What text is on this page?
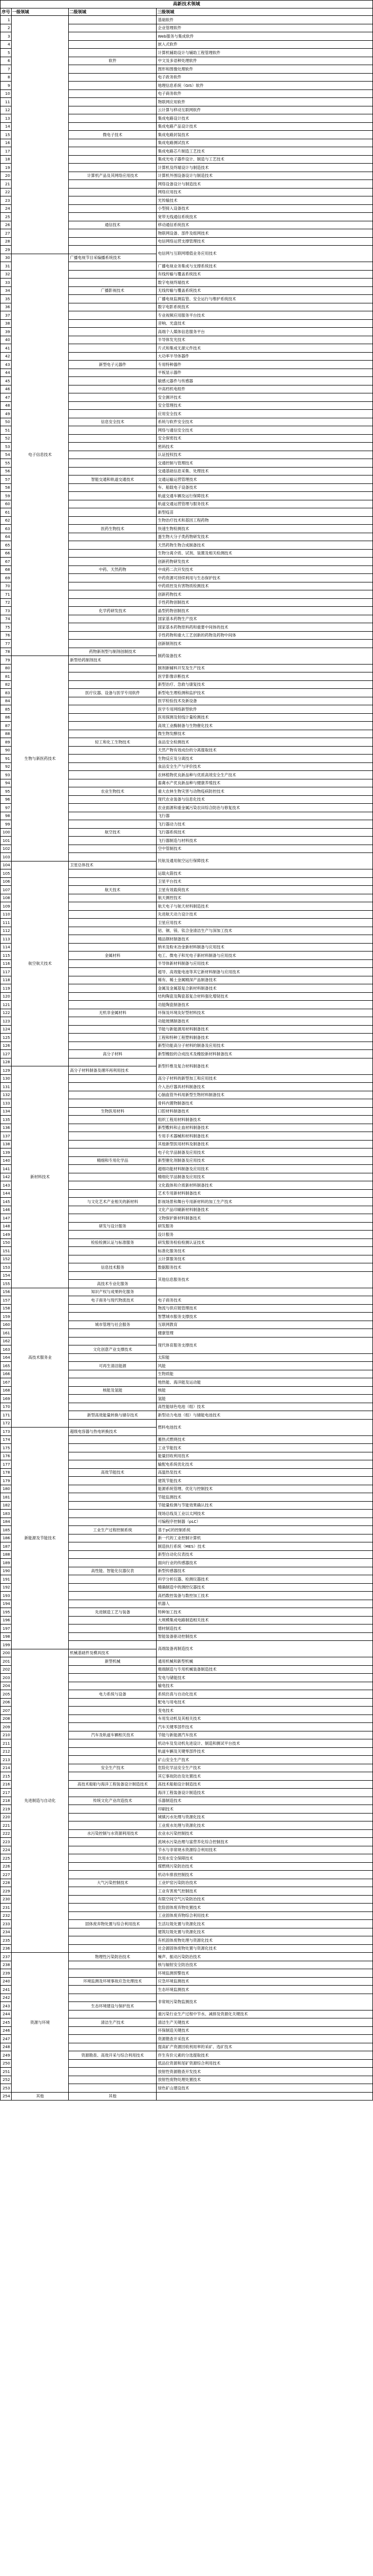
高新技术领域			
序号	一级领域	二级领域	三级领域
1			基础软件
2			企业管理软件
3			Web服务与集成软件
4			嵌入式软件
5			计算机辅助设计与辅助工程管理软件
6		软件	中文及多语种处理软件
7			图形和图像处理软件
8			电子政务软件
9			地理信息系统（GIS）软件
10			电子商务软件
11			物联网应用软件
12			云计算与移动互联网软件
13			集成电路设计技术
14			集成电路产品设计技术
15		微电子技术	集成电路封装技术
16			集成电路测试技术
17			集成电路芯片制造工艺技术
18			集成光电子器件设计、制造与工艺技术
19			计算机及终端设计与制造技术
20		计算机产品及其网络应用技术	计算机外围设备设计与制造技术
21			网络设备设计与制造技术
22			网络应用技术
23			光传输技术
24			小型接入设备技术
25			宽带无线通信系统技术
26		通信技术	移动通信系统技术
27			物联网设备、部件及组网技术
28			电信网络运营支撑管理技术
29			电信网与互联网增值业务应用技术
30	电子信息技术	广播电视节目采编播系统技术	
31			广播电视业务集成与支撑系统技术
32			有线传输与覆盖系统技术
33			数字电视终端技术
34		广播影视技术	无线传输与覆盖系统技术
35			广播电视监测监管、安全运行与维护系统技术
36			数字电影系统技术
37			专业视频应用服务平台技术
38			音响、光盘技术
39			高端个人媒体信息服务平台
40			半导体发光技术
41			片式和集成无源元件技术
42			大功率半导体器件
43		新型电子元器件	专用特种器件
44			平板显示器件
45			敏感元器件与传感器
46			中高档机电组件
47			安全测评技术
48			安全管理技术
49			应用安全技术
50		信息安全技术	系统与软件安全技术
51			网络与通信安全技术
52			安全保密技术
53			密码技术
54			认证授权技术
55			交通控制与管理技术
56			交通基础信息采集、处理技术
57		智能交通和轨道交通技术	交通运输运营管理技术
58			车、船载电子设备技术
59			轨道交通车辆及运行保障技术
60			轨道交通运营管理与服务技术
61			新型疫苗
62			生物治疗技术和基因工程药物
63		医药生物技术	快速生物检测技术
64			蛋生物大分子类药物研发技术
65			天然药物生物合成制备技术
66			生物分离介质、试剂、装置及相关检测技术
67			创新药物研发技术
68		中药、天然药物	中成药二次开发技术
69			中药资源可持续利用与生态保护技术
70			中药质控及有害物质检测技术
71			创新药物技术
72			手性药物创制技术
73		化学药研发技术	晶型药物创制技术
74			国家基本药物生产技术
75			国家基本药物原料药和重要中间体的技术
76			手性药物和重大工艺创新的药物及药物中间体
77			创新制剂技术
78		药物新剂型与制剂创制技术	制药装备技术
79	生物与新医药技术	新型给药制剂技术	
80			制剂新辅料开发及生产技术
81			医学影像诊断技术
82			新型治疗、急救与康复技术
83		医疗仪器、设备与医学专用软件	新型电生理检测和监护技术
84			医学检验技术及新设备
85			医学专用网络新型软件
86			医用探测及射线计量检测技术
87			高效工业酶制备与生物催化技术
88			微生物发酵技术
89		轻工和化工生物技术	食品安全检测技术
90			天然产物有效成份的分离提取技术
91			生物反应及分离技术
92			食品安全生产与评价技术
93			农林植物优良新品种与优质高效安全生产技术
94			畜禽水产优良新品种与健康养殖技术
95		农业生物技术	重大农林生物灾害与动物疫病防控技术
96			现代农业装备与信息化技术
97			农业面源和重金属污染农田综合防治与修复技术
98			飞行器
99			飞行器动力技术
100		航空技术	飞行器系统技术
101			飞行器制造与材料技术
102			空中管制技术
103			民航及通用航空运行保障技术
104	航空航天技术	卫星总体技术	
105			运载火箭技术
106			卫星平台技术
107		航天技术	卫星有效载荷技术
108			航天测控技术
109			航天电子与航天材料制造技术
110			先进航天动力设计技术
111			卫星应用技术
112			铝、铜、镁、钛合金清洁生产与深加工技术
113			精品钢材制备技术
114			纳米及粉末冶金新材料制备与应用技术
115		金属材料	电工、微电子和光电子新材料制备与应用技术
116			半导体新材料制备与应用技术
117			超导、高效能电池等其它新材料制备与应用技术
118			稀有、稀土金属精深产品制备技术
119			金属及金属基复合新材料制备技术
120			结构陶瓷及陶瓷基复合材料强化增韧技术
121			功能陶瓷制备技术
122		无机非金属材料	环保及环境友好型材料技术
123			功能玻璃制备技术
124			节能与新能源用材料制备技术
125			工程和特种工程塑料制备技术
126			新型功能高分子材料的制备及应用技术
127		高分子材料	新型橡胶的合成技术及橡胶新材料制备技术
128			新型纤维及复合材料制备技术
129	新材料技术	高分子材料制备及循环再利用技术	
130			高分子材料的新型加工和应用技术
131			介入治疗器具材料制备技术
132			心脑血管外科用新型生物材料制备技术
133			骨科内置物制备技术
134		生物医用材料	口腔材料制备技术
135			组织工程用材料制备技术
136			新型敷料和止血材料制备技术
137			专用手术器械和材料制备技术
138			其他新型医用材料及制备技术
139			电子化学品制备及应用技术
140		精细和专用化学品	新型催化剂制备及应用技术
141			超细功能材料制备及应用技术
142			精细化学品制备及应用技术
143			文化载体和介质新材料制备技术
144			艺术专用新材料制备技术
145		与文化艺术产业相关的新材料	影视场景和舞台专用新材料的加工生产技术
146			文化产品印刷新材料制备技术
147			文物保护新材料制备技术
148		研发与设计服务	研发服务
149			设计服务
150		检验检测认证与标准服务	研发服务检验检测认证技术
151			标准化服务技术
152			云计算服务技术
153		信息技术服务	数据服务技术
154			其他信息服务技术
155		高技术专业化服务	
156	高技术服务业	知识产权与成果转化服务	
157		电子商务与现代物流技术	电子商务技术
158			物流与供应链管理技术
159			智慧城市服务支撑技术
160		城市管理与社会服务	互联网教育
161			健康管理
162			现代体育服务支撑技术
163		文化创意产业支撑技术	
164			太阳能
165		可再生清洁能源	风能
166			生物质能
167			地热能、海洋能及运动能
168		核能及氢能	核能
169			氢能
170			高性能绿色电池（组）技术
171		新型高效能量转换与储存技术	新型动力电池（组）与储能电池技术
172			燃料电池技术
173	新能源及节能技术	超级电容器与热电转换技术	
174			蓄热式燃烧技术
175			工业节能技术
176			能量回收利用技术
177			输配电系统优化技术
178		高效节能技术	高温热泵技术
179			建筑节能技术
180			能源系统管理、优化与控制技术
181			节能监测技术
182			节能量检测与节能效果确认技术
183			现场总线及工业以太网技术
184			可编程序控制器（pLC）
185		工业生产过程控制系统	基于pC的控制系统
186			新一代的工业控制计算机
187			制造执行系统（MES）技术
188			新型自动化仪表技术
189			面向行业的传感器技术
190		高性能、智能化仪器仪表	新型传感器技术
191			科学分析仪器、检测仪器技术
192			精确制造中的测控仪器技术
193			高档数控装备与数控加工技术
194			机器人
195		先进制造工艺与装备	特种加工技术
196			大规模集成电路制造相关技术
197			增材制造技术
198			智能装备驱动控制技术
199			高端装备再制造技术
200	先进制造与自动化	机械基础件及模具技术	
201		新型机械	通用机械和新型机械
202			极端制造与专用机械装备制造技术
203			发电与储能技术
204			输电技术
205		电力系统与设备	系统仿真与自动化技术
206			配电与用电技术
207			变电技术
208			车用发动机及其相关技术
209			汽车关键零部件技术
210		汽车及轨道车辆相关技术	节能与新能源汽车技术
211			机动车及发动机先进设计、制造和测试平台技术
212			轨道车辆及关键零部件技术
213			矿山安全生产技术
214		安全生产技术	危险化学品安全生产技术
215			其它事故防治及处置技术
216		高技术船舶与海洋工程装备设计制造技术	高技术船舶设计制造技术
217			海洋工程装备设计制造技术
218		传统文化产业改造技术	乐器制造技术
219			印刷技术
220			城镇污水处理与资源化技术
221			工业废水处理与资源化技术
222		水污染控制与水资源利用技术	农业水污染控制技术
223			流域水污染治理与富营养化综合控制技术
224			节水与非常规水资源综合利用技术
225			饮用水安全保障技术
226			煤燃烧污染防治技术
227			机动车排放控制技术
228		大气污染控制技术	工业炉窑污染防治技术
229			工业有害废气控制技术
230			有限空间空气污染防治技术
231			危险固体废弃物处置技术
232			工业固体废弃物综合利用技术
233		固体废弃物处置与综合利用技术	生活垃圾处置与资源化技术
234			建筑垃圾处置与资源化技术
235			有机固体废物处理与资源化技术
236			社会源固体废物处置与资源化技术
237	资源与环境	物理性污染防治技术	噪声、振动污染防治技术
238			核与辐射安全防治技术
239			环境监测预警技术
240		环境监测及环境事故应急处理技术	应急环境监测技术
241			生态环境监测技术
242			非常规污染物监测技术
243		生态环境建设与保护技术	
244			重污染行业生产过程中节水、减排及资源化关键技术
245		清洁生产技术	清洁生产关键技术
246			环保制造关键技术
247			资源勘查开采技术
248			提高矿产资源回收利用率的采矿、选矿技术
249		资源勘查、高效开采与综合利用技术	伴生有价元素的分选提取技术
250			低品位资源和尾矿资源综合利用技术
251			放射性资源勘查开发技术
252			放射性废物处理处置技术
253			绿色矿山建设技术
254	其他	其他	
